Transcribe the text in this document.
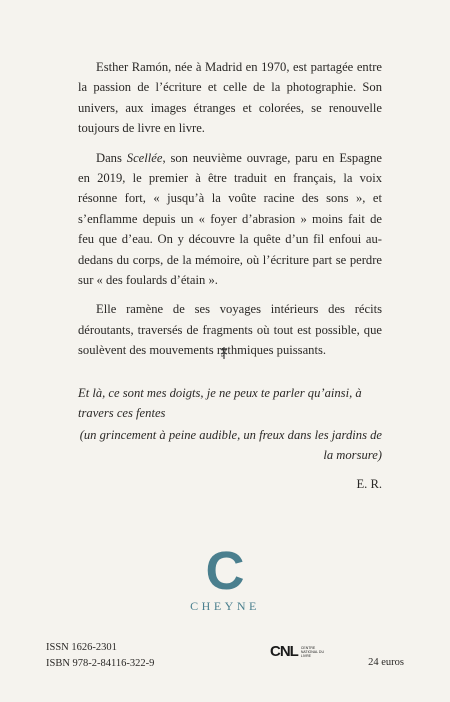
Esther Ramón, née à Madrid en 1970, est partagée entre la passion de l’écriture et celle de la photographie. Son univers, aux images étranges et colorées, se renouvelle toujours de livre en livre.

Dans Scellée, son neuvième ouvrage, paru en Espagne en 2019, le premier à être traduit en français, la voix résonne fort, « jusqu’à la voûte racine des sons », et s’enflamme depuis un « foyer d’abrasion » moins fait de feu que d’eau. On y découvre la quête d’un fil enfoui au-dedans du corps, de la mémoire, où l’écriture part se perdre sur « des foulards d’étain ».

Elle ramène de ses voyages intérieurs des récits déroutants, traversés de fragments où tout est possible, que soulèvent des mouvements rythmiques puissants.

Et là, ce sont mes doigts, je ne peux te parler qu’ainsi, à travers ces fentes
(un grincement à peine audible, un freux dans les jardins de la morsure)
E. R.
C
CHEYNE
ISSN 1626-2301
ISBN 978-2-84116-322-9
CNL CENTRE NATIONAL DU LIVRE
24 euros
